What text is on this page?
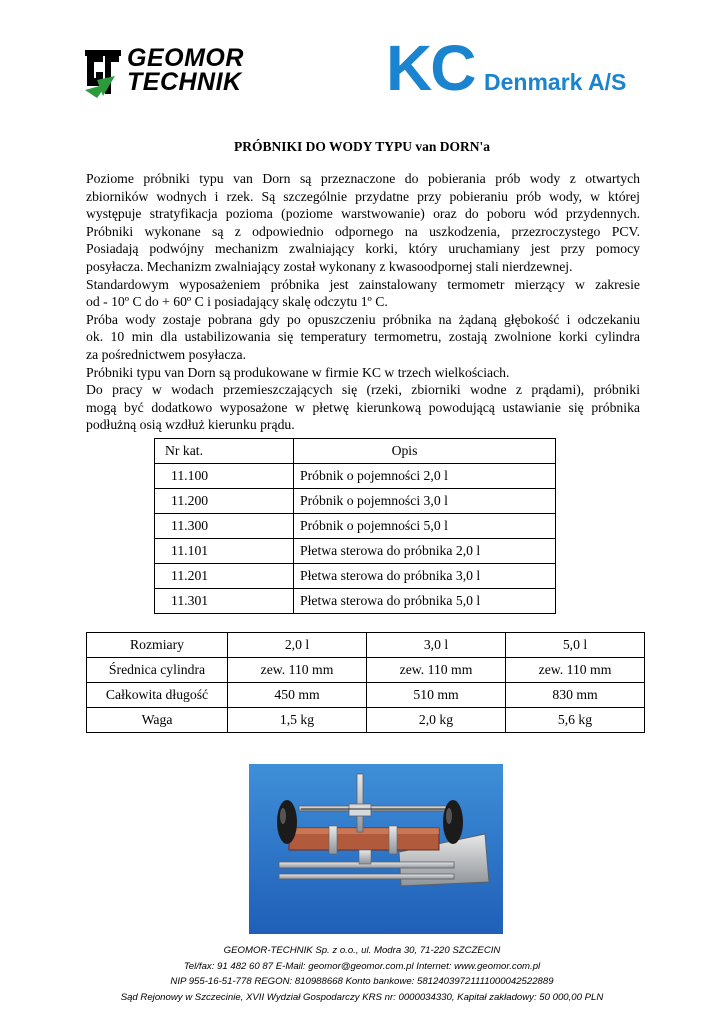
GEOMOR
TECHNIK KC Denmark A/S
PRÓBNIKI DO WODY TYPU van DORN'a

Poziome próbniki typu van Dorn są przeznaczone do pobierania prób wody z otwartych

zbiorników wodnych i rzek. Są szczególnie przydatne przy pobieraniu prób wody, w której

występuje stratyfikacja pozioma (poziome warstwowanie) oraz do poboru wód przydennych.

Próbniki wykonane są z odpowiednio odpornego na uszkodzenia, przezroczystego PCV.

Posiadają podwójny mechanizm zwalniający korki, który uruchamiany jest przy pomocy

posyłacza. Mechanizm zwalniający został wykonany z kwasoodpornej stali nierdzewnej.

Standardowym wyposażeniem próbnika jest zainstalowany termometr mierzący w zakresie

od - 10º C do + 60º C i posiadający skalę odczytu 1º C.

Próba wody zostaje pobrana gdy po opuszczeniu próbnika na żądaną głębokość i odczekaniu

ok. 10 min dla ustabilizowania się temperatury termometru, zostają zwolnione korki cylindra

za pośrednictwem posyłacza.

Próbniki typu van Dorn są produkowane w firmie KC w trzech wielkościach.

Do pracy w wodach przemieszczających się (rzeki, zbiorniki wodne z prądami), próbniki

mogą być dodatkowo wyposażone w płetwę kierunkową powodującą ustawianie się próbnika

podłużną osią wzdłuż kierunku prądu.

Nr kat.	Opis
11.100	Próbnik o pojemności 2,0 l
11.200	Próbnik o pojemności 3,0 l
11.300	Próbnik o pojemności 5,0 l
11.101	Płetwa sterowa do próbnika 2,0 l
11.201	Płetwa sterowa do próbnika 3,0 l
11.301	Płetwa sterowa do próbnika 5,0 l
Rozmiary	2,0 l	3,0 l	5,0 l
Średnica cylindra	zew. 110 mm	zew. 110 mm	zew. 110 mm
Całkowita długość	450 mm	510 mm	830 mm
Waga	1,5 kg	2,0 kg	5,6 kg
GEOMOR-TECHNIK Sp. z o.o., ul. Modra 30, 71-220 SZCZECIN
Tel/fax: 91 482 60 87 E-Mail: geomor@geomor.com.pl Internet: www.geomor.com.pl
NIP 955-16-51-778 REGON: 810988668 Konto bankowe: 58124039721111000042522889
Sąd Rejonowy w Szczecinie, XVII Wydział Gospodarczy KRS nr: 0000034330, Kapitał zakładowy: 50 000,00 PLN
